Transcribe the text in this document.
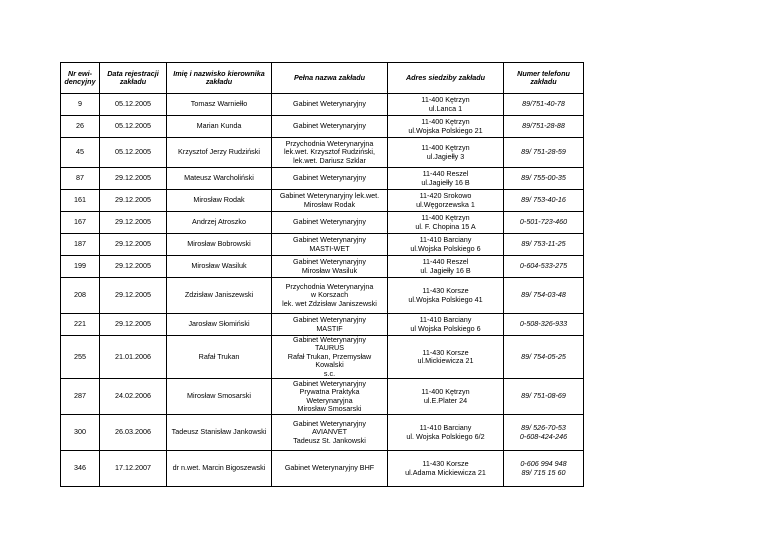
Nr ewi-
dencyjny	Data rejestracji
zakładu	Imię i nazwisko kierownika
zakładu	Pełna nazwa zakładu	Adres siedziby zakładu	Numer telefonu
zakładu

9	05.12.2005	Tomasz Warniełło	Gabinet Weterynaryjny	11-400 Kętrzyn
ul.Lanca 1	89/751-40-78

26	05.12.2005	Marian Kunda	Gabinet Weterynaryjny	11-400 Kętrzyn
ul.Wojska Polskiego 21	89/751-28-88

45	05.12.2005	Krzysztof Jerzy Rudziński	Przychodnia Weterynaryjna
lek.wet. Krzysztof Rudziński,
lek.wet. Dariusz Szklar	11-400 Kętrzyn
ul.Jagiełły 3	89/ 751-28-59

87	29.12.2005	Mateusz Warcholiński	Gabinet Weterynaryjny	11-440 Reszel
ul.Jagiełły 16 B	89/ 755-00-35

161	29.12.2005	Mirosław Rodak	Gabinet Weterynaryjny lek.wet.
Mirosław Rodak	11-420 Srokowo
ul.Węgorzewska 1	89/ 753-40-16

167	29.12.2005	Andrzej Atroszko	Gabinet Weterynaryjny	11-400 Kętrzyn
ul. F. Chopina 15 A	0-501-723-460

187	29.12.2005	Mirosław Bobrowski	Gabinet Weterynaryjny
MASTI-WET	11-410 Barciany
ul.Wojska Polskiego 6	89/ 753-11-25

199	29.12.2005	Mirosław Wasiluk	Gabinet Weterynaryjny
Mirosław Wasiluk	11-440 Reszel
ul. Jagiełły 16 B	0-604-533-275

208	29.12.2005	Zdzisław Janiszewski	Przychodnia Weterynaryjna
w Korszach
lek. wet Zdzisław Janiszewski	11-430 Korsze
ul.Wojska Polskiego 41	89/ 754-03-48

221	29.12.2005	Jarosław Słomiński	Gabinet Weterynaryjny
MASTIF	11-410 Barciany
ul Wojska Polskiego 6	0-508-326-933

255	21.01.2006	Rafał Trukan	Gabinet Weterynaryjny
TAURUS
Rafał Trukan, Przemysław Kowalski
s.c.	11-430 Korsze
ul.Mickiewicza 21	89/ 754-05-25

287	24.02.2006	Mirosław Smosarski	Gabinet Weterynaryjny
Prywatna Praktyka
Weterynaryjna
Mirosław Smosarski	11-400 Kętrzyn
ul.E.Plater 24	89/ 751-08-69

300	26.03.2006	Tadeusz Stanisław Jankowski	Gabinet Weterynaryjny
AVIANVET
Tadeusz St. Jankowski	11-410 Barciany
ul. Wojska Polskiego 6/2	89/ 526-70-53
0-608-424-246

346	17.12.2007	dr n.wet. Marcin Bigoszewski	Gabinet Weterynaryjny BHF	11-430 Korsze
ul.Adama Mickiewicza 21	0-606 994 948
89/ 715 15 60
